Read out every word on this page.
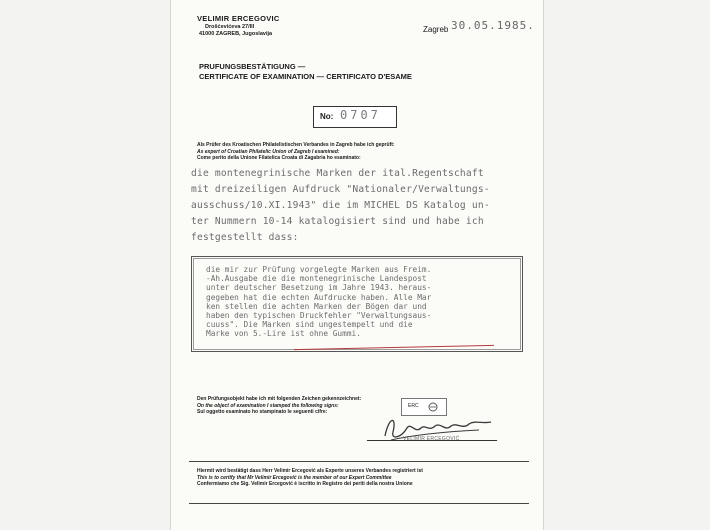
VELIMIR ERCEGOVIC
Drošćevićeva 27/III
41000 ZAGREB, Jugoslavija	Zagreb 30.05.1985.
PRUFUNGSBESTÄTIGUNG —
CERTIFICATE OF EXAMINATION — CERTIFICATO D'ESAME
No: 0707
Als Prüfer des Kroatischen Philatelistischen Verbandes in Zagreb habe ich geprüft:
As expert of Croatian Philatelic Union of Zagreb I examined:
Come perito della Unione Filatelica Croata di Zagabria ho esaminato:
die montenegrinische Marken der ital.Regentschaft
mit dreizeiligen Aufdruck "Nationaler/Verwaltungs-
ausschuss/10.XI.1943" die im MICHEL DS Katalog un-
ter Nummern 10-14 katalogisiert sind und habe ich
festgestellt dass:
die mir zur Prüfung vorgelegte Marken aus Freim.
-Ah.Ausgabe die die montenegrinische Landespost
unter deutscher Besetzung im Jahre 1943. heraus-
gegeben hat die echten Aufdrucke haben. Alle Mar
ken stellen die achten Marken der Bögen dar und
haben den typischen Druckfehler "Verwaltungsaus-
cuuss". Die Marken sind ungestempelt und die
Marke von 5.-Lire ist ohne Gummi.
Den Prüfungsobjekt habe ich mit folgenden Zeichen gekennzeichnet:
On the object of examination I stamped the following signs:
Sul oggetto esaminato ho stampinato le seguenti cifre:
ERC
VELIMIR ERCEGOVIĆ
Hiermit wird bestätigt dass Herr Velimir Ercegović als Experte unseres Verbandes registriert ist
This is to certify that Mr Velimir Ercegović is the member of our Expert Committee
Confermiamo che Sig. Velimir Ercegović è iscritto in Registro dei periti della nostra Unione
